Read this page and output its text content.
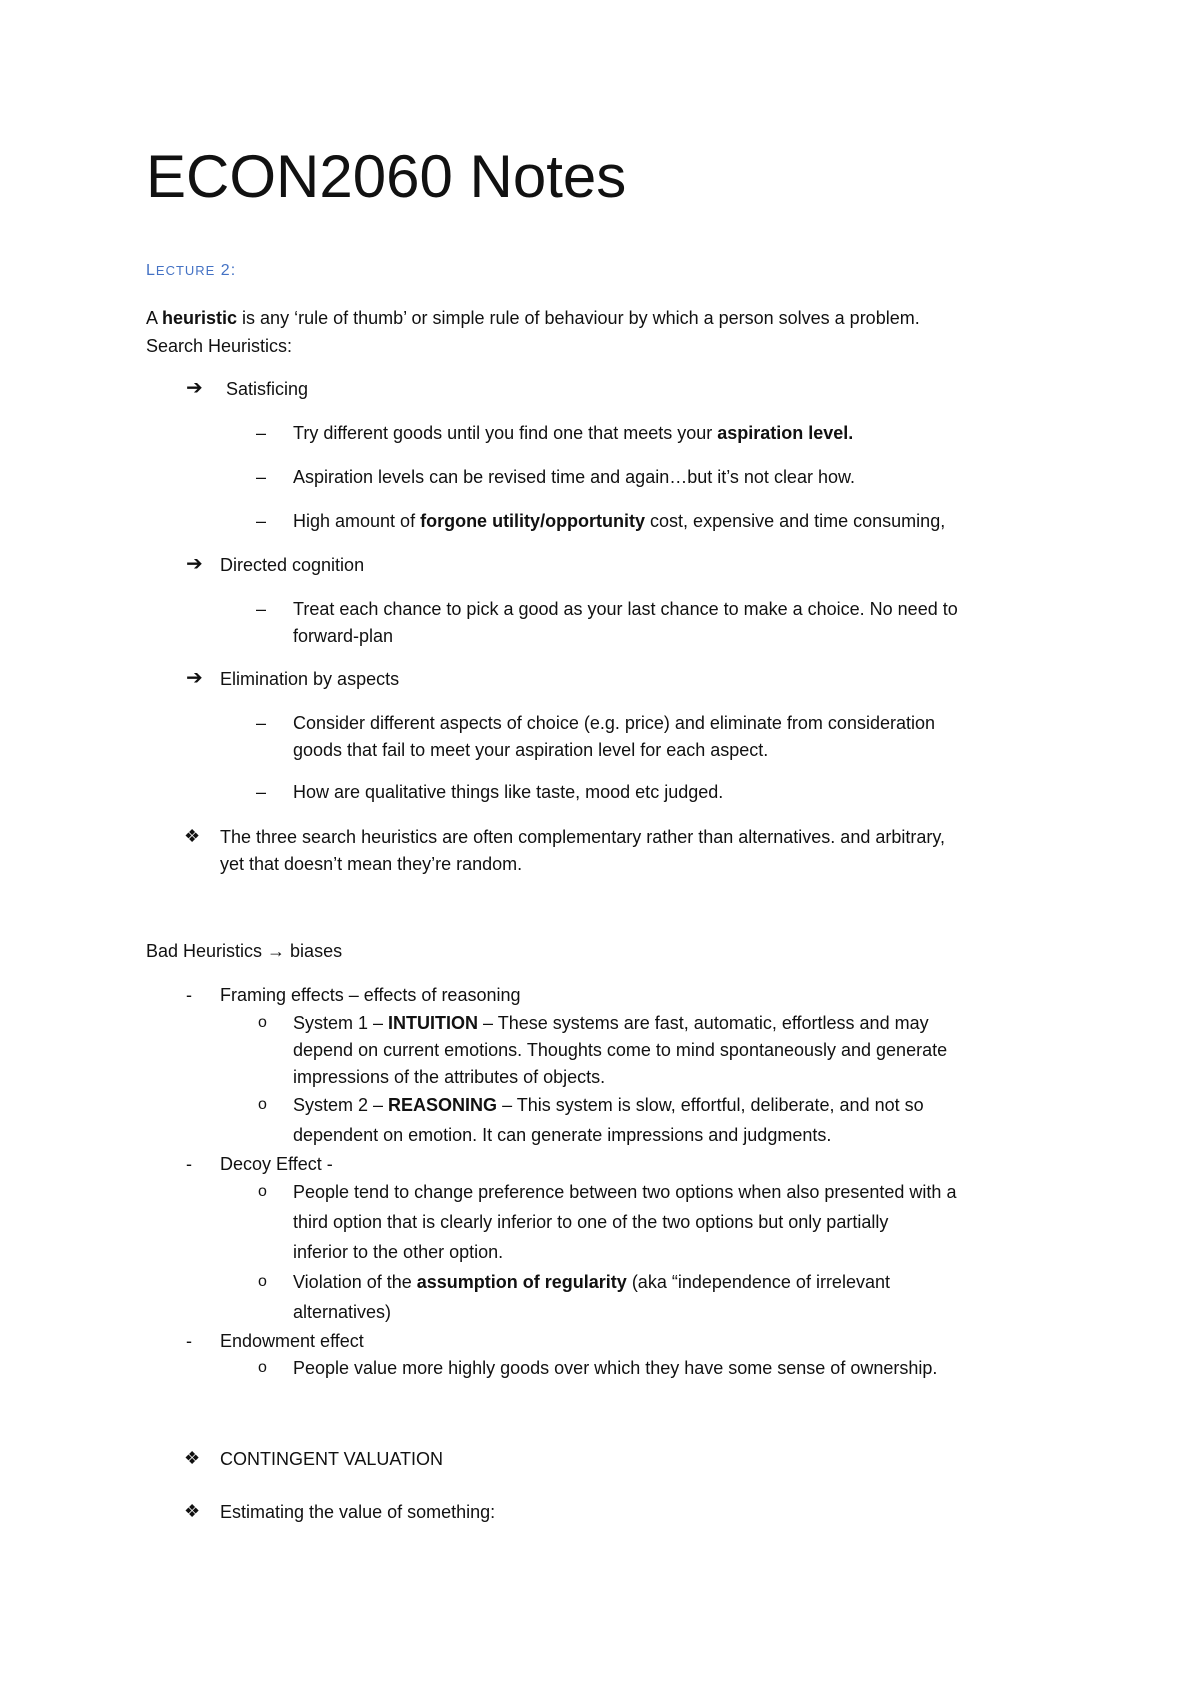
ECON2060 Notes
LECTURE 2:
A heuristic is any ‘rule of thumb’ or simple rule of behaviour by which a person solves a problem.
Search Heuristics:
➔ Satisficing
– Try different goods until you find one that meets your aspiration level.
– Aspiration levels can be revised time and again…but it’s not clear how.
– High amount of forgone utility/opportunity cost, expensive and time consuming,
➔ Directed cognition
– Treat each chance to pick a good as your last chance to make a choice. No need to
forward-plan
➔ Elimination by aspects
– Consider different aspects of choice (e.g. price) and eliminate from consideration
goods that fail to meet your aspiration level for each aspect.
– How are qualitative things like taste, mood etc judged.
❖ The three search heuristics are often complementary rather than alternatives. and arbitrary,
yet that doesn’t mean they’re random.
Bad Heuristics → biases
- Framing effects – effects of reasoning
o System 1 – INTUITION – These systems are fast, automatic, effortless and may
depend on current emotions. Thoughts come to mind spontaneously and generate
impressions of the attributes of objects.
o System 2 – REASONING – This system is slow, effortful, deliberate, and not so
dependent on emotion. It can generate impressions and judgments.
- Decoy Effect -
o People tend to change preference between two options when also presented with a
third option that is clearly inferior to one of the two options but only partially
inferior to the other option.
o Violation of the assumption of regularity (aka “independence of irrelevant
alternatives)
- Endowment effect
o People value more highly goods over which they have some sense of ownership.
❖ CONTINGENT VALUATION
❖ Estimating the value of something:
